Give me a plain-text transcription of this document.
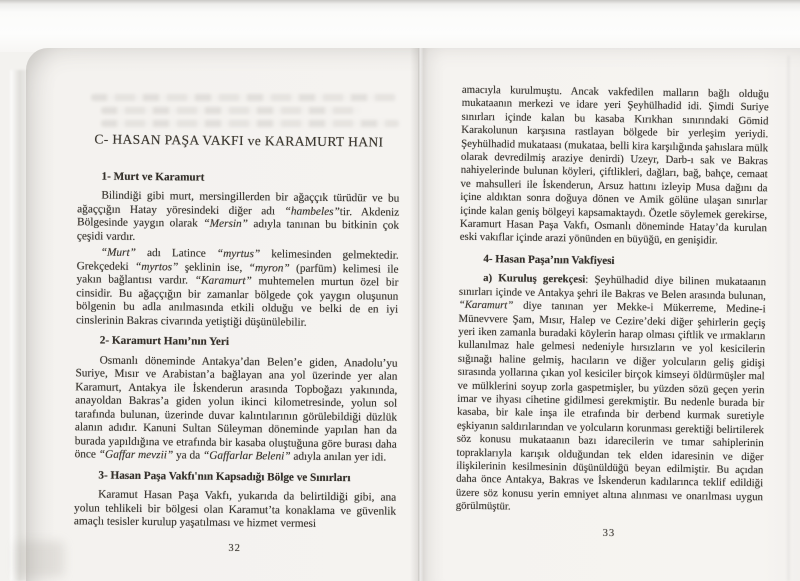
C- HASAN PAŞA VAKFI ve KARAMURT HANI
1- Murt ve Karamurt

Bilindiği gibi murt, mersingillerden bir ağaççık türüdür ve bu ağaççığın Hatay yöresindeki diğer adı “hambeles”tir. Akdeniz Bölgesinde yaygın olarak “Mersin” adıyla tanınan bu bitkinin çok çeşidi vardır.

“Murt” adı Latince “myrtus” kelimesinden gelmektedir. Grekçedeki “myrtos” şeklinin ise, “myron” (parfüm) kelimesi ile yakın bağlantısı vardır. “Karamurt” muhtemelen murtun özel bir cinsidir. Bu ağaççığın bir zamanlar bölgede çok yaygın oluşunun bölgenin bu adla anılmasında etkili olduğu ve belki de en iyi cinslerinin Bakras civarında yetiştiği düşünülebilir.

2- Karamurt Hanı’nın Yeri

Osmanlı döneminde Antakya’dan Belen’e giden, Anadolu’yu Suriye, Mısır ve Arabistan’a bağlayan ana yol üzerinde yer alan Karamurt, Antakya ile İskenderun arasında Topboğazı yakınında, anayoldan Bakras’a giden yolun ikinci kilometresinde, yolun sol tarafında bulunan, üzerinde duvar kalıntılarının görülebildiği düzlük alanın adıdır. Kanuni Sultan Süleyman döneminde yapılan han da burada yapıldığına ve etrafında bir kasaba oluştuğuna göre burası daha önce “Gaffar mevzii” ya da “Gaffarlar Beleni” adıyla anılan yer idi.

3- Hasan Paşa Vakfı'nın Kapsadığı Bölge ve Sınırları

Karamut Hasan Paşa Vakfı, yukarıda da belirtildiği gibi, ana yolun tehlikeli bir bölgesi olan Karamut’ta konaklama ve güvenlik amaçlı tesisler kurulup yaşatılması ve hizmet vermesi

32

amacıyla kurulmuştu. Ancak vakfedilen malların bağlı olduğu mukataanın merkezi ve idare yeri Şeyhülhadid idi. Şimdi Suriye sınırları içinde kalan bu kasaba Kırıkhan sınırındaki Gömid Karakolunun karşısına rastlayan bölgede bir yerleşim yeriydi. Şeyhülhadid mukataası (mukataa, belli kira karşılığında şahıslara mülk olarak devredilmiş araziye denirdi) Uzeyr, Darb-ı sak ve Bakras nahiyelerinde bulunan köyleri, çiftlikleri, dağları, bağ, bahçe, cemaat ve mahsulleri ile İskenderun, Arsuz hattını izleyip Musa dağını da içine aldıktan sonra doğuya dönen ve Amik gölüne ulaşan sınırlar içinde kalan geniş bölgeyi kapsamaktaydı. Özetle söylemek gerekirse, Karamurt Hasan Paşa Vakfı, Osmanlı döneminde Hatay’da kurulan eski vakıflar içinde arazi yönünden en büyüğü, en genişidir.

4- Hasan Paşa’nın Vakfiyesi

a) Kuruluş gerekçesi: Şeyhülhadid diye bilinen mukataanın sınırları içinde ve Antakya şehri ile Bakras ve Belen arasında bulunan, “Karamurt” diye tanınan yer Mekke-i Mükerreme, Medine-i Münevvere Şam, Mısır, Halep ve Cezire’deki diğer şehirlerin geçiş yeri iken zamanla buradaki köylerin harap olması çiftlik ve ırmakların kullanılmaz hale gelmesi nedeniyle hırsızların ve yol kesicilerin sığınağı haline gelmiş, hacıların ve diğer yolcuların geliş gidişi sırasında yollarına çıkan yol kesiciler birçok kimseyi öldürmüşler mal ve mülklerini soyup zorla gaspetmişler, bu yüzden sözü geçen yerin imar ve ihyası cihetine gidilmesi gerekmiştir. Bu nedenle burada bir kasaba, bir kale inşa ile etrafında bir derbend kurmak suretiyle eşkiyanın saldırılarından ve yolcuların korunması gerektiği belirtilerek söz konusu mukataanın bazı idarecilerin ve tımar sahiplerinin topraklarıyla karışık olduğundan tek elden idaresinin ve diğer ilişkilerinin kesilmesinin düşünüldüğü beyan edilmiştir. Bu açıdan daha önce Antakya, Bakras ve İskenderun kadılarınca teklif edildiği üzere söz konusu yerin emniyet altına alınması ve onarılması uygun görülmüştür.

33
